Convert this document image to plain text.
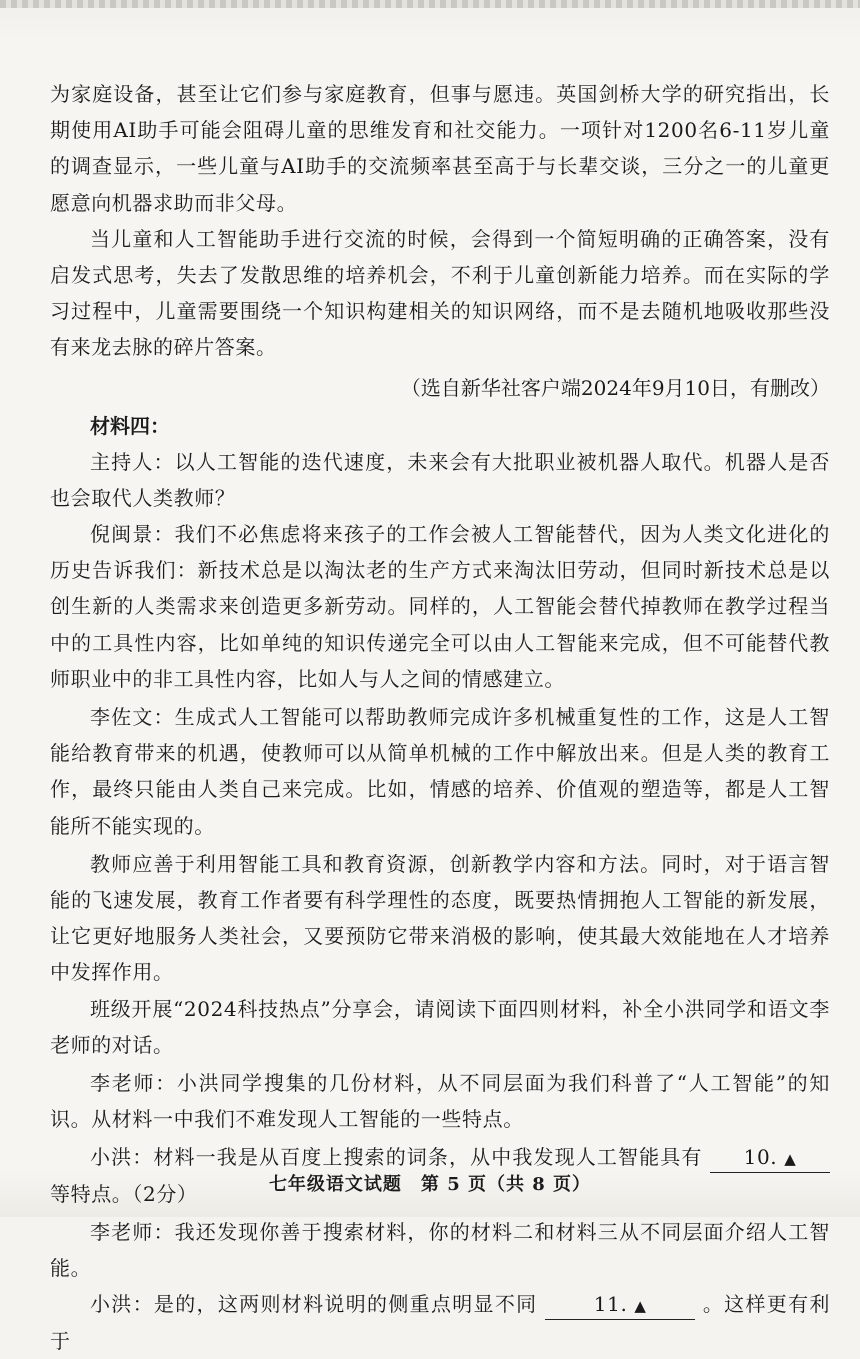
为家庭设备，甚至让它们参与家庭教育，但事与愿违。英国剑桥大学的研究指出，长期使用AI助手可能会阻碍儿童的思维发育和社交能力。一项针对1200名6-11岁儿童的调查显示，一些儿童与AI助手的交流频率甚至高于与长辈交谈，三分之一的儿童更愿意向机器求助而非父母。

当儿童和人工智能助手进行交流的时候，会得到一个简短明确的正确答案，没有启发式思考，失去了发散思维的培养机会，不利于儿童创新能力培养。而在实际的学习过程中，儿童需要围绕一个知识构建相关的知识网络，而不是去随机地吸收那些没有来龙去脉的碎片答案。

（选自新华社客户端2024年9月10日，有删改）

材料四：

主持人：以人工智能的迭代速度，未来会有大批职业被机器人取代。机器人是否也会取代人类教师？

倪闽景：我们不必焦虑将来孩子的工作会被人工智能替代，因为人类文化进化的历史告诉我们：新技术总是以淘汰老的生产方式来淘汰旧劳动，但同时新技术总是以创生新的人类需求来创造更多新劳动。同样的，人工智能会替代掉教师在教学过程当中的工具性内容，比如单纯的知识传递完全可以由人工智能来完成，但不可能替代教师职业中的非工具性内容，比如人与人之间的情感建立。

李佐文：生成式人工智能可以帮助教师完成许多机械重复性的工作，这是人工智能给教育带来的机遇，使教师可以从简单机械的工作中解放出来。但是人类的教育工作，最终只能由人类自己来完成。比如，情感的培养、价值观的塑造等，都是人工智能所不能实现的。

教师应善于利用智能工具和教育资源，创新教学内容和方法。同时，对于语言智能的飞速发展，教育工作者要有科学理性的态度，既要热情拥抱人工智能的新发展，让它更好地服务人类社会，又要预防它带来消极的影响，使其最大效能地在人才培养中发挥作用。

班级开展“2024科技热点”分享会，请阅读下面四则材料，补全小洪同学和语文李老师的对话。

李老师：小洪同学搜集的几份材料，从不同层面为我们科普了“人工智能”的知识。从材料一中我们不难发现人工智能的一些特点。

小洪：材料一我是从百度上搜索的词条，从中我发现人工智能具有 10. ▲ 等特点。（2分）

李老师：我还发现你善于搜索材料，你的材料二和材料三从不同层面介绍人工智能。

小洪：是的，这两则材料说明的侧重点明显不同	11. ▲	。这样更有利于

七年级语文试题　第 5 页（共 8 页）
